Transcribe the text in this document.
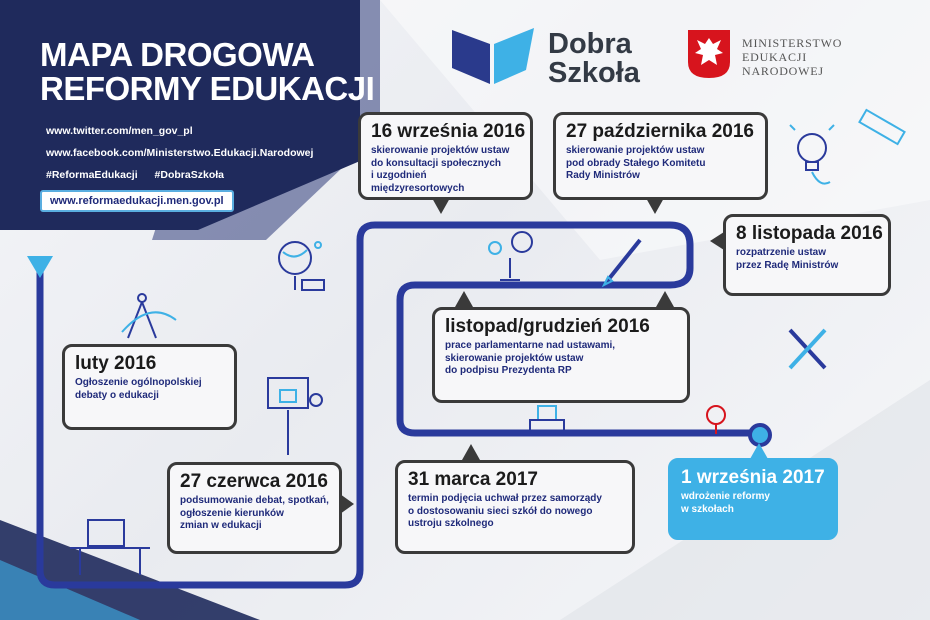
MAPA DROGOWA
REFORMY EDUKACJI
www.twitter.com/men_gov_pl
www.facebook.com/Ministerstwo.Edukacji.Narodowej
#ReformaEdukacji #DobraSzkoła
www.reformaedukacji.men.gov.pl
Dobra
Szkoła
MINISTERSTWO
EDUKACJI
NARODOWEJ
luty 2016
Ogłoszenie ogólnopolskiej
debaty o edukacji
27 czerwca 2016
podsumowanie debat, spotkań,
ogłoszenie kierunków
zmian w edukacji
16 września 2016
skierowanie projektów ustaw
do konsultacji społecznych
i uzgodnień międzyresortowych
27 października 2016
skierowanie projektów ustaw
pod obrady Stałego Komitetu
Rady Ministrów
8 listopada 2016
rozpatrzenie ustaw
przez Radę Ministrów
listopad/grudzień 2016
prace parlamentarne nad ustawami,
skierowanie projektów ustaw
do podpisu Prezydenta RP
31 marca 2017
termin podjęcia uchwał przez samorządy
o dostosowaniu sieci szkół do nowego
ustroju szkolnego
1 września 2017
wdrożenie reformy
w szkołach
